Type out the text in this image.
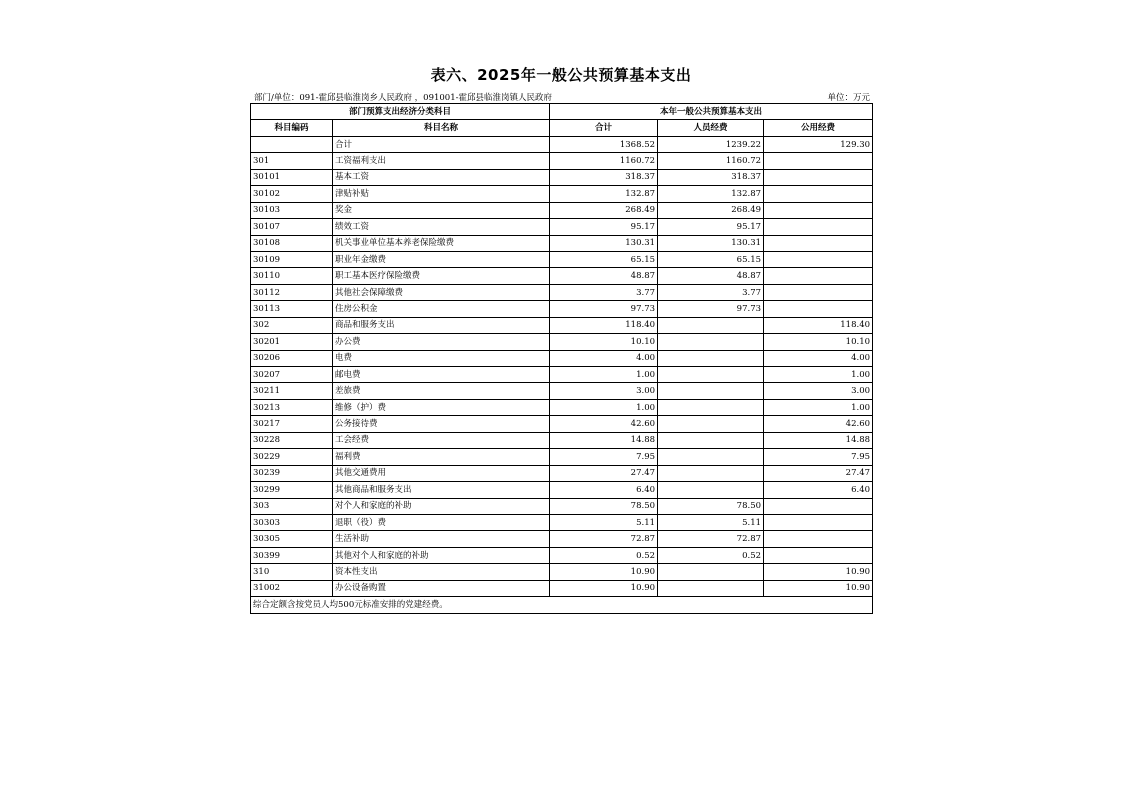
表六、2025年一般公共预算基本支出
部门/单位：091-霍邱县临淮岗乡人民政府 ，091001-霍邱县临淮岗镇人民政府	单位：万元
部门预算支出经济分类科目		本年一般公共预算基本支出		
科目编码	科目名称	合计	人员经费	公用经费
	合计	1368.52	1239.22	129.30
301	工资福利支出	1160.72	1160.72	
30101	基本工资	318.37	318.37	
30102	津贴补贴	132.87	132.87	
30103	奖金	268.49	268.49	
30107	绩效工资	95.17	95.17	
30108	机关事业单位基本养老保险缴费	130.31	130.31	
30109	职业年金缴费	65.15	65.15	
30110	职工基本医疗保险缴费	48.87	48.87	
30112	其他社会保障缴费	3.77	3.77	
30113	住房公积金	97.73	97.73	
302	商品和服务支出	118.40		118.40
30201	办公费	10.10		10.10
30206	电费	4.00		4.00
30207	邮电费	1.00		1.00
30211	差旅费	3.00		3.00
30213	维修（护）费	1.00		1.00
30217	公务接待费	42.60		42.60
30228	工会经费	14.88		14.88
30229	福利费	7.95		7.95
30239	其他交通费用	27.47		27.47
30299	其他商品和服务支出	6.40		6.40
303	对个人和家庭的补助	78.50	78.50	
30303	退职（役）费	5.11	5.11	
30305	生活补助	72.87	72.87	
30399	其他对个人和家庭的补助	0.52	0.52	
310	资本性支出	10.90		10.90
31002	办公设备购置	10.90		10.90
综合定额含按党员人均500元标准安排的党建经费。				
